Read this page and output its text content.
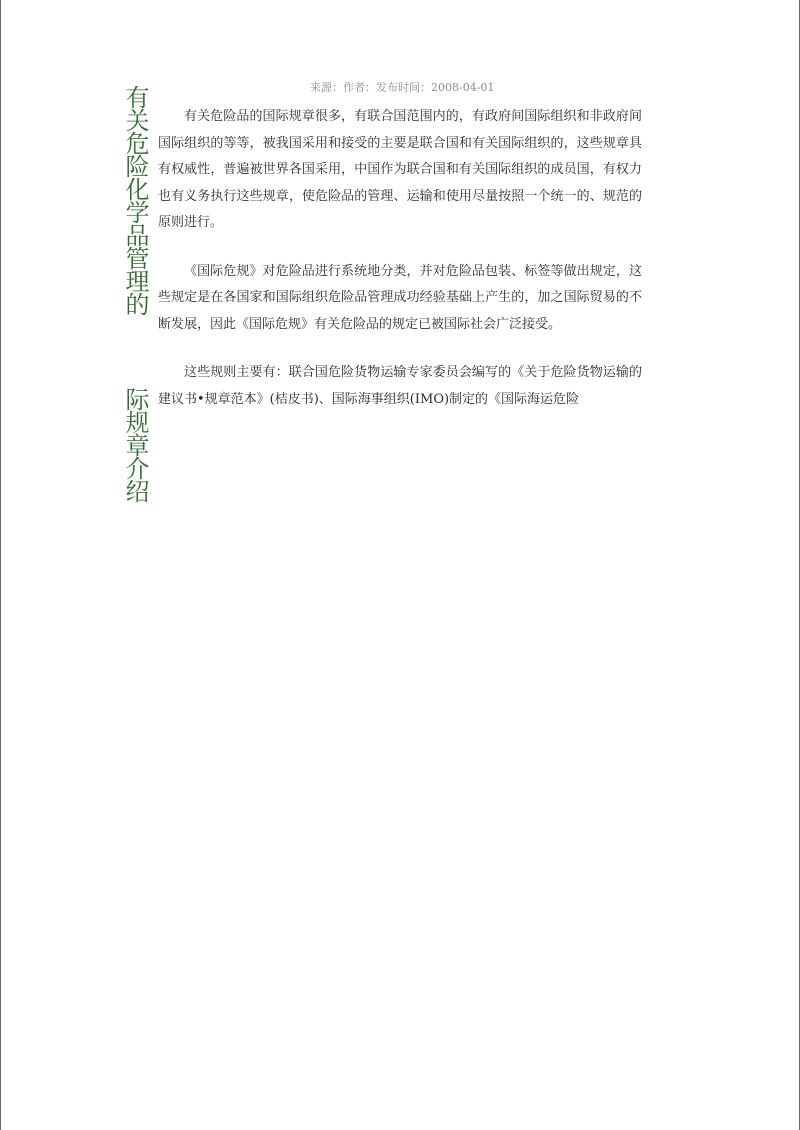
有关危险化学品管理的
际规章介绍
来源：作者：发布时间：2008-04-01

有关危险品的国际规章很多，有联合国范围内的，有政府间国际组织和非政府间国际组织的等等，被我国采用和接受的主要是联合国和有关国际组织的，这些规章具有权威性，普遍被世界各国采用，中国作为联合国和有关国际组织的成员国，有权力也有义务执行这些规章，使危险品的管理、运输和使用尽量按照一个统一的、规范的原则进行。

《国际危规》对危险品进行系统地分类，并对危险品包装、标签等做出规定，这些规定是在各国家和国际组织危险品管理成功经验基础上产生的，加之国际贸易的不断发展，因此《国际危规》有关危险品的规定已被国际社会广泛接受。

这些规则主要有：联合国危险货物运输专家委员会编写的《关于危险货物运输的建议书•规章范本》(桔皮书)、国际海事组织(IMO)制定的《国际海运危险
